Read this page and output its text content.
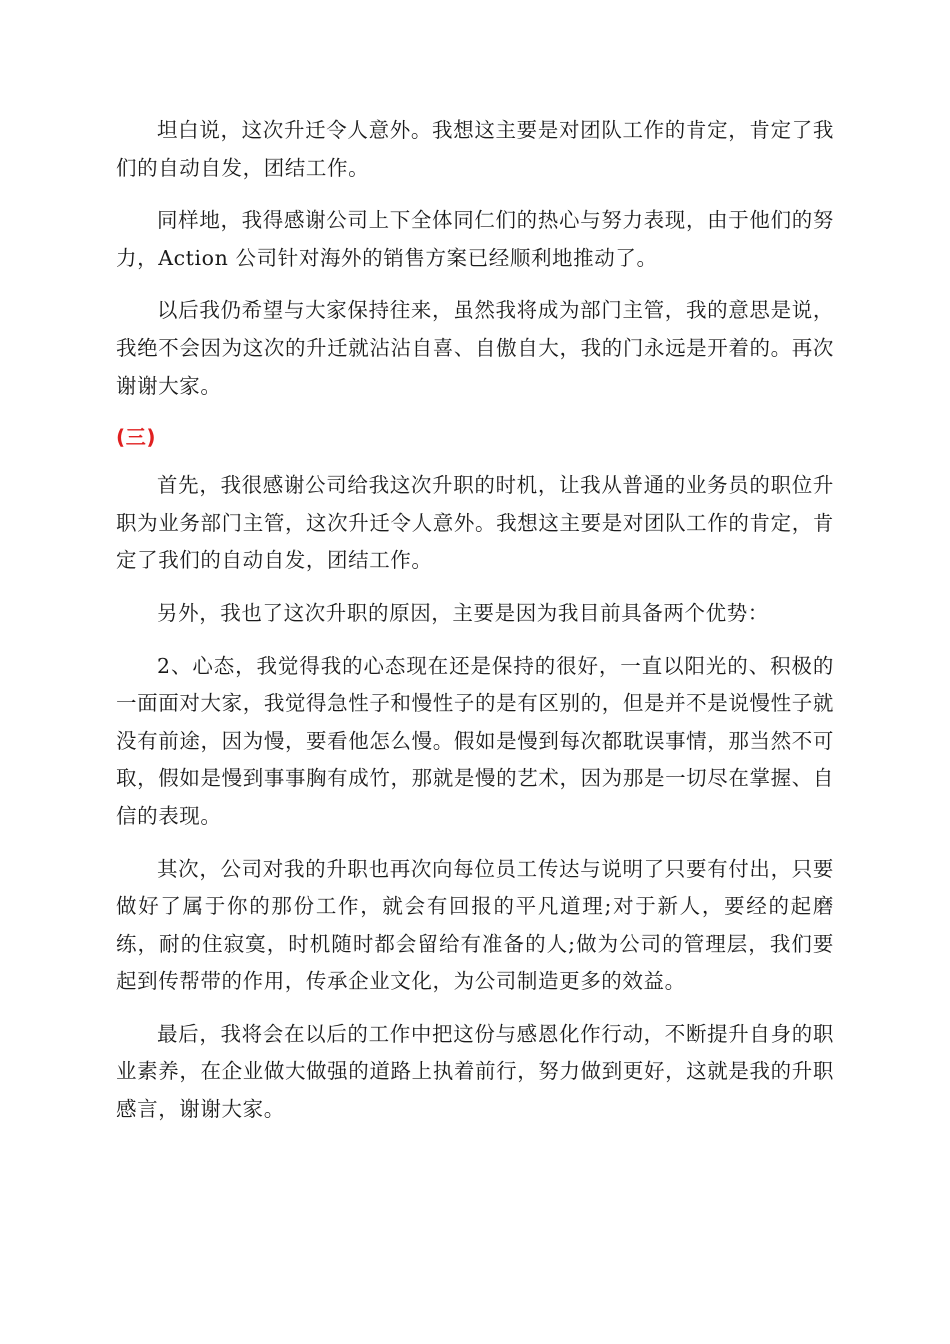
坦白说，这次升迁令人意外。我想这主要是对团队工作的肯定，肯定了我们的自动自发，团结工作。

同样地，我得感谢公司上下全体同仁们的热心与努力表现，由于他们的努力，Action 公司针对海外的销售方案已经顺利地推动了。

以后我仍希望与大家保持往来，虽然我将成为部门主管，我的意思是说，我绝不会因为这次的升迁就沾沾自喜、自傲自大，我的门永远是开着的。再次谢谢大家。

(三)

首先，我很感谢公司给我这次升职的时机，让我从普通的业务员的职位升职为业务部门主管，这次升迁令人意外。我想这主要是对团队工作的肯定，肯定了我们的自动自发，团结工作。

另外，我也了这次升职的原因，主要是因为我目前具备两个优势：

2、心态，我觉得我的心态现在还是保持的很好，一直以阳光的、积极的一面面对大家，我觉得急性子和慢性子的是有区别的，但是并不是说慢性子就没有前途，因为慢，要看他怎么慢。假如是慢到每次都耽误事情，那当然不可取，假如是慢到事事胸有成竹，那就是慢的艺术，因为那是一切尽在掌握、自信的表现。

其次，公司对我的升职也再次向每位员工传达与说明了只要有付出，只要做好了属于你的那份工作，就会有回报的平凡道理;对于新人，要经的起磨练，耐的住寂寞，时机随时都会留给有准备的人;做为公司的管理层，我们要起到传帮带的作用，传承企业文化，为公司制造更多的效益。

最后，我将会在以后的工作中把这份与感恩化作行动，不断提升自身的职业素养，在企业做大做强的道路上执着前行，努力做到更好，这就是我的升职感言，谢谢大家。
